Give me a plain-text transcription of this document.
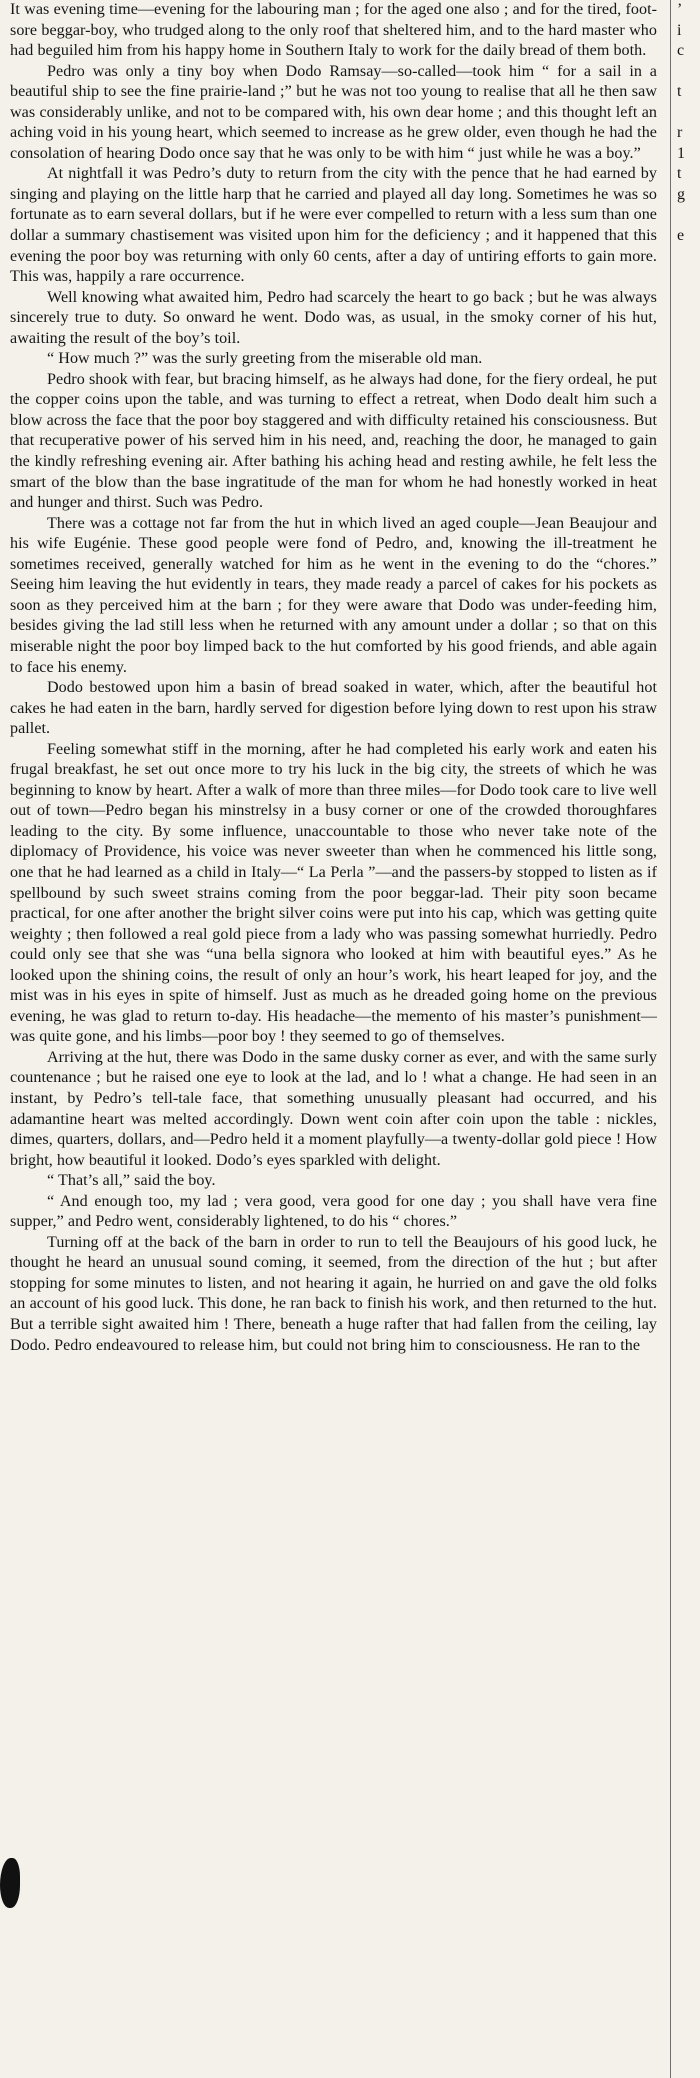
It was evening time—evening for the labouring man ; for the aged one also ; and for the tired, foot-sore beggar-boy, who trudged along to the only roof that sheltered him, and to the hard master who had beguiled him from his happy home in Southern Italy to work for the daily bread of them both.

Pedro was only a tiny boy when Dodo Ramsay—so-called—took him “ for a sail in a beautiful ship to see the fine prairie-land ;” but he was not too young to realise that all he then saw was considerably unlike, and not to be compared with, his own dear home ; and this thought left an aching void in his young heart, which seemed to increase as he grew older, even though he had the consolation of hearing Dodo once say that he was only to be with him “ just while he was a boy.”

At nightfall it was Pedro’s duty to return from the city with the pence that he had earned by singing and playing on the little harp that he carried and played all day long. Sometimes he was so fortunate as to earn several dollars, but if he were ever compelled to return with a less sum than one dollar a summary chastisement was visited upon him for the deficiency ; and it happened that this evening the poor boy was returning with only 60 cents, after a day of untiring efforts to gain more. This was, happily a rare occurrence.

Well knowing what awaited him, Pedro had scarcely the heart to go back ; but he was always sincerely true to duty. So onward he went. Dodo was, as usual, in the smoky corner of his hut, awaiting the result of the boy’s toil.

“ How much ?” was the surly greeting from the miserable old man.

Pedro shook with fear, but bracing himself, as he always had done, for the fiery ordeal, he put the copper coins upon the table, and was turning to effect a retreat, when Dodo dealt him such a blow across the face that the poor boy staggered and with difficulty retained his consciousness. But that recuperative power of his served him in his need, and, reaching the door, he managed to gain the kindly refreshing evening air. After bathing his aching head and resting awhile, he felt less the smart of the blow than the base ingratitude of the man for whom he had honestly worked in heat and hunger and thirst. Such was Pedro.

There was a cottage not far from the hut in which lived an aged couple—Jean Beaujour and his wife Eugénie. These good people were fond of Pedro, and, knowing the ill-treatment he sometimes received, generally watched for him as he went in the evening to do the “chores.” Seeing him leaving the hut evidently in tears, they made ready a parcel of cakes for his pockets as soon as they perceived him at the barn ; for they were aware that Dodo was under-feeding him, besides giving the lad still less when he returned with any amount under a dollar ; so that on this miserable night the poor boy limped back to the hut comforted by his good friends, and able again to face his enemy.

Dodo bestowed upon him a basin of bread soaked in water, which, after the beautiful hot cakes he had eaten in the barn, hardly served for digestion before lying down to rest upon his straw pallet.

Feeling somewhat stiff in the morning, after he had completed his early work and eaten his frugal breakfast, he set out once more to try his luck in the big city, the streets of which he was beginning to know by heart. After a walk of more than three miles—for Dodo took care to live well out of town—Pedro began his minstrelsy in a busy corner or one of the crowded thoroughfares leading to the city. By some influence, unaccountable to those who never take note of the diplomacy of Providence, his voice was never sweeter than when he commenced his little song, one that he had learned as a child in Italy—“ La Perla ”—and the passers-by stopped to listen as if spellbound by such sweet strains coming from the poor beggar-lad. Their pity soon became practical, for one after another the bright silver coins were put into his cap, which was getting quite weighty ; then followed a real gold piece from a lady who was passing somewhat hurriedly. Pedro could only see that she was “una bella signora who looked at him with beautiful eyes.” As he looked upon the shining coins, the result of only an hour’s work, his heart leaped for joy, and the mist was in his eyes in spite of himself. Just as much as he dreaded going home on the previous evening, he was glad to return to-day. His headache—the memento of his master’s punishment—was quite gone, and his limbs—poor boy ! they seemed to go of themselves.

Arriving at the hut, there was Dodo in the same dusky corner as ever, and with the same surly countenance ; but he raised one eye to look at the lad, and lo ! what a change. He had seen in an instant, by Pedro’s tell-tale face, that something unusually pleasant had occurred, and his adamantine heart was melted accordingly. Down went coin after coin upon the table : nickles, dimes, quarters, dollars, and—Pedro held it a moment playfully—a twenty-dollar gold piece ! How bright, how beautiful it looked. Dodo’s eyes sparkled with delight.

“ That’s all,” said the boy.

“ And enough too, my lad ; vera good, vera good for one day ; you shall have vera fine supper,” and Pedro went, considerably lightened, to do his “ chores.”

Turning off at the back of the barn in order to run to tell the Beaujours of his good luck, he thought he heard an unusual sound coming, it seemed, from the direction of the hut ; but after stopping for some minutes to listen, and not hearing it again, he hurried on and gave the old folks an account of his good luck. This done, he ran back to finish his work, and then returned to the hut. But a terrible sight awaited him ! There, beneath a huge rafter that had fallen from the ceiling, lay Dodo. Pedro endeavoured to release him, but could not bring him to consciousness. He ran to the

’
i
c
t
r
1
t
g
e
